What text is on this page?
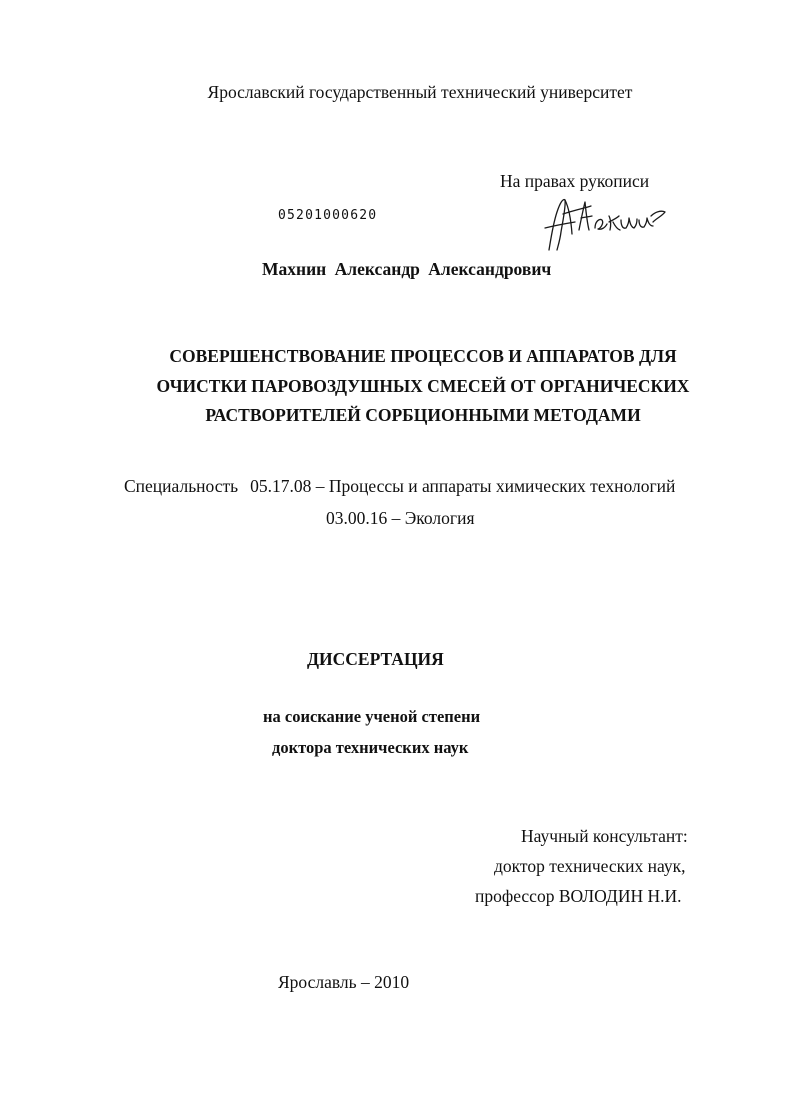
Ярославский государственный технический университет
На правах рукописи
05201000620
Махнин Александр Александрович
СОВЕРШЕНСТВОВАНИЕ ПРОЦЕССОВ И АППАРАТОВ ДЛЯ
ОЧИСТКИ ПАРОВОЗДУШНЫХ СМЕСЕЙ ОТ ОРГАНИЧЕСКИХ
РАСТВОРИТЕЛЕЙ СОРБЦИОННЫМИ МЕТОДАМИ
Специальность 05.17.08 – Процессы и аппараты химических технологий
03.00.16 – Экология
ДИССЕРТАЦИЯ
на соискание ученой степени
доктора технических наук
Научный консультант:
доктор технических наук,
профессор ВОЛОДИН Н.И.
Ярославль – 2010
